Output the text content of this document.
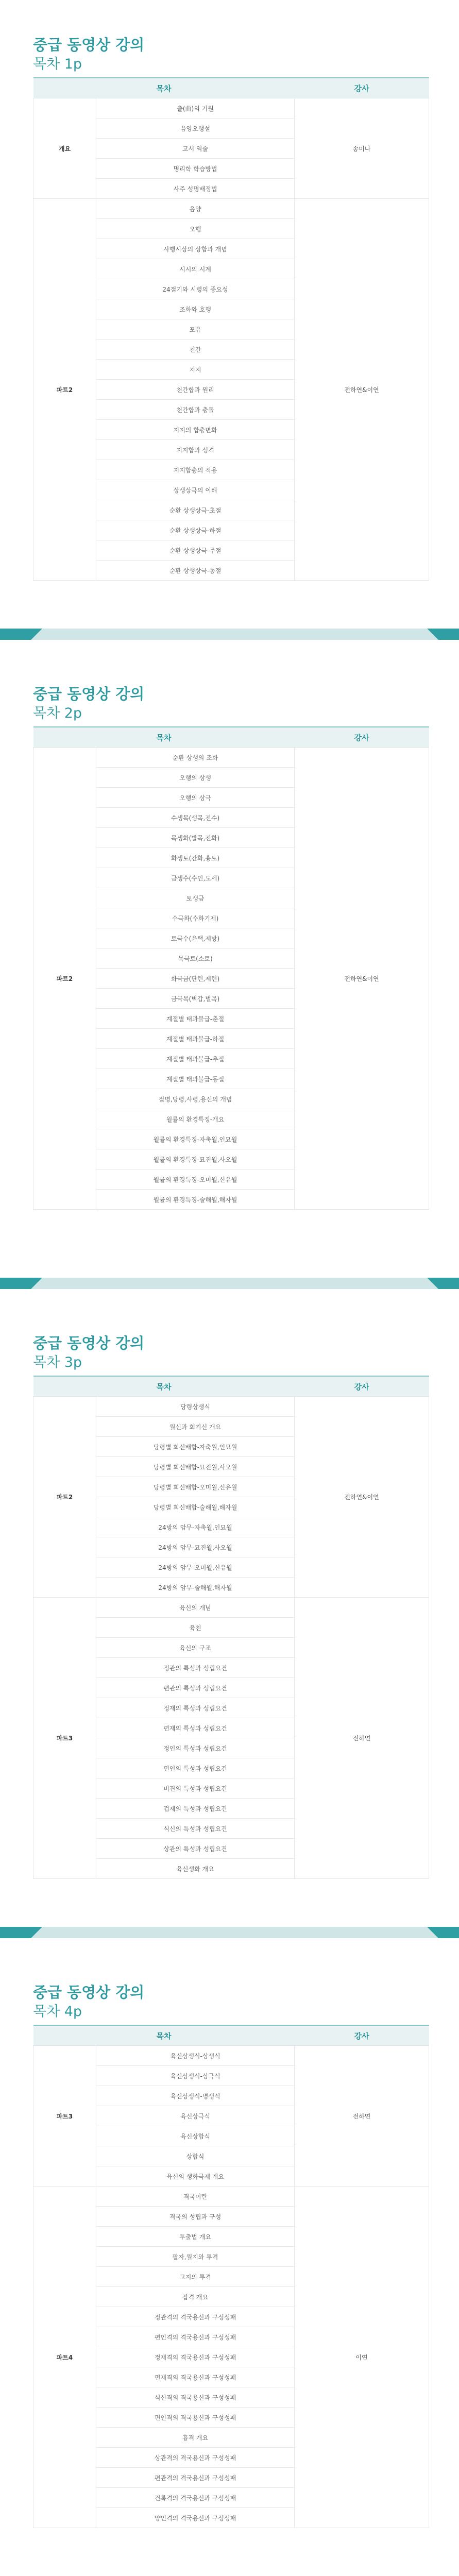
중급 동영상 강의
목차 1p
목차		강사
개요	출(曲)의 기원	송미나
	음양오행설	
	고서 역술	
	명리학 학습방법	
	사주 성명배정법	
파트2	음양	전하연&이연
	오행	
	사행시상의 상합과 개념	
	시시의 시계	
	24절기와 시령의 중요성	
	조화와 호행	
	포유	
	천간	
	지지	
	천간합과 원리	
	천간합과 충돌	
	지지의 합충변화	
	지지합과 성격	
	지지합충의 적용	
	상생상극의 이해	
	순환 상생상극-초절	
	순환 상생상극-하절	
	순환 상생상극-주절	
	순환 상생상극-동절	
중급 동영상 강의
목차 2p
목차		강사
파트2	순환 상생의 조화	전하연&이연
	오행의 상생	
	오행의 상극	
	수생목(생목,전수)	
	목생화(발목,전화)	
	화생토(간화,흉토)	
	금생수(수인,도세)	
	토생금	
	수극화(수화기제)	
	토극수(윤택,제방)	
	목극토(소토)	
	화극금(단련,제련)	
	금극목(벽갑,벌목)	
	계절별 태과불급-춘절	
	계절별 태과불급-하절	
	계절별 태과불급-추절	
	계절별 태과불급-동절	
	절명,당령,사령,용신의 개념	
	월률의 환경특징-개요	
	월률의 환경특징-자축월,인묘월	
	월률의 환경특징-묘진월,사오월	
	월률의 환경특징-오미월,신유월	
	월률의 환경특징-술해월,해자월	
중급 동영상 강의
목차 3p
목차		강사
파트2	당령상생식	전하연&이연
	월신과 회기신 개요	
	당령별 희신배합-자축월,인묘월	
	당령별 희신배합-묘진월,사오월	
	당령별 희신배합-오미월,신유월	
	당령별 희신배합-술해월,해자월	
	24방의 암무-자축월,인묘월	
	24방의 암무-묘진월,사오월	
	24방의 암무-오미월,신유월	
	24방의 암무-술해월,해자월	
파트3	육신의 개념	전하연
	육친	
	육신의 구조	
	정관의 특성과 성립요건	
	편관의 특성과 성립요건	
	정재의 특성과 성립요건	
	편재의 특성과 성립요건	
	정인의 특성과 성립요건	
	편인의 특성과 성립요건	
	비견의 특성과 성립요건	
	겁재의 특성과 성립요건	
	식신의 특성과 성립요건	
	상관의 특성과 성립요건	
	육신생화 개요	
중급 동영상 강의
목차 4p
목차		강사
파트3	육신상생식-상생식	전하연
	육신상생식-상극식	
	육신상생식-병생식	
	육신상극식	
	육신상합식	
	상합식	
	육신의 생화극제 개요	
파트4	격국이란	이연
	격국의 성립과 구성	
	투출법 개요	
	팔자,월지와 투격	
	고지의 투격	
	잡격 개요	
	정관격의 격국용신과 구성성패	
	편인격의 격국용신과 구성성패	
	정재격의 격국용신과 구성성패	
	편재격의 격국용신과 구성성패	
	식신격의 격국용신과 구성성패	
	편인격의 격국용신과 구성성패	
	흉격 개요	
	상관격의 격국용신과 구성성패	
	편관격의 격국용신과 구성성패	
	건록격의 격국용신과 구성성패	
	양인격의 격국용신과 구성성패	
